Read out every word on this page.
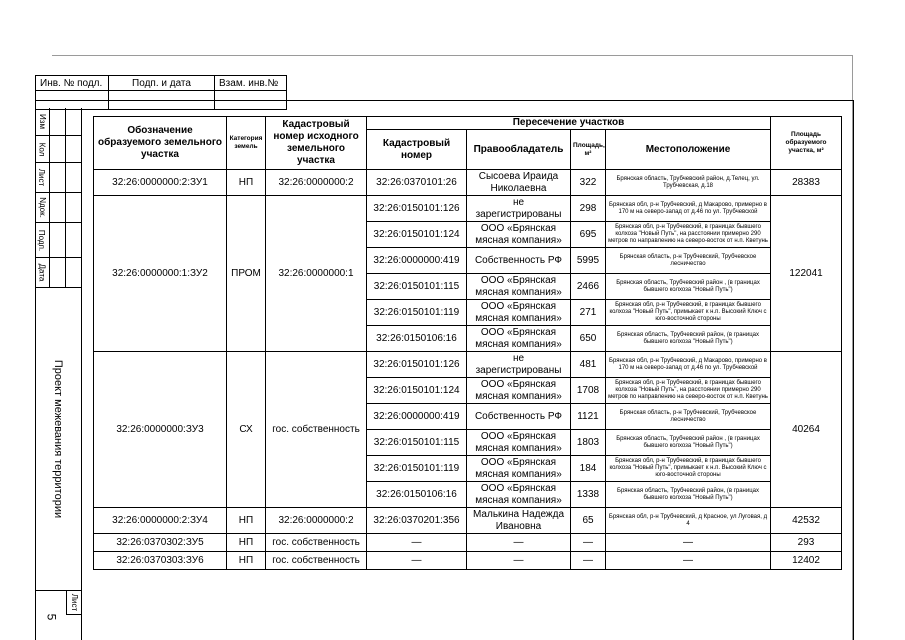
Инв. № подл.	Подп. и дата	Взам. инв.№

Изм
Кол
Лист
Nдок.
Подп.
Дата
Проект межевания территории
Лист
5
Обозначение образуемого земельного участка	Категория земель	Кадастровый номер исходного земельного участка	Пересечение участков				Площадь образуемого участка, м²
			Кадастровый номер	Правообладатель	Площадь, м²	Местоположение	
32:26:0000000:2:ЗУ1	НП	32:26:0000000:2	32:26:0370101:26	Сысоева Ираида Николаевна	322	Брянская область, Трубчевский район, д.Телец, ул. Трубчевская, д.18	28383
32:26:0000000:1:ЗУ2	ПРОМ	32:26:0000000:1	32:26:0150101:126	не зарегистрированы	298	Брянская обл, р-н Трубчевский, д Макарово, примерно в 170 м на северо-запад от д.46 по ул. Трубчевской	122041
			32:26:0150101:124	ООО «Брянская мясная компания»	695	Брянская обл, р-н Трубчевский, в границах бывшего колхоза "Новый Путь", на расстоянии примерно 290 метров по направлению на северо-восток от н.п. Кветунь	
			32:26:0000000:419	Собственность РФ	5995	Брянская область, р-н Трубчевский, Трубчевское лесничество	
			32:26:0150101:115	ООО «Брянская мясная компания»	2466	Брянская область, Трубчевский район , (в границах бывшего колхоза "Новый Путь")	
			32:26:0150101:119	ООО «Брянская мясная компания»	271	Брянская обл, р-н Трубчевский, в границах бывшего колхоза "Новый Путь", примыкает к н.п. Высокий Ключ с юго-восточной стороны	
			32:26:0150106:16	ООО «Брянская мясная компания»	650	Брянская область, Трубчевский район, (в границах бывшего колхоза "Новый Путь")	
32:26:0000000:ЗУ3	СХ	гос. собственность	32:26:0150101:126	не зарегистрированы	481	Брянская обл, р-н Трубчевский, д Макарово, примерно в 170 м на северо-запад от д.46 по ул. Трубчевской	40264
			32:26:0150101:124	ООО «Брянская мясная компания»	1708	Брянская обл, р-н Трубчевский, в границах бывшего колхоза "Новый Путь", на расстоянии примерно 290 метров по направлению на северо-восток от н.п. Кветунь	
			32:26:0000000:419	Собственность РФ	1121	Брянская область, р-н Трубчевский, Трубчевское лесничество	
			32:26:0150101:115	ООО «Брянская мясная компания»	1803	Брянская область, Трубчевский район , (в границах бывшего колхоза "Новый Путь")	
			32:26:0150101:119	ООО «Брянская мясная компания»	184	Брянская обл, р-н Трубчевский, в границах бывшего колхоза "Новый Путь", примыкает к н.п. Высокий Ключ с юго-восточной стороны	
			32:26:0150106:16	ООО «Брянская мясная компания»	1338	Брянская область, Трубчевский район, (в границах бывшего колхоза "Новый Путь")	
32:26:0000000:2:ЗУ4	НП	32:26:0000000:2	32:26:0370201:356	Малькина Надежда Ивановна	65	Брянская обл, р-н Трубчевский, д Красное, ул Луговая, д 4	42532
32:26:0370302:ЗУ5	НП	гос. собственность	—	—	—	—	293
32:26:0370303:ЗУ6	НП	гос. собственность	—	—	—	—	12402
